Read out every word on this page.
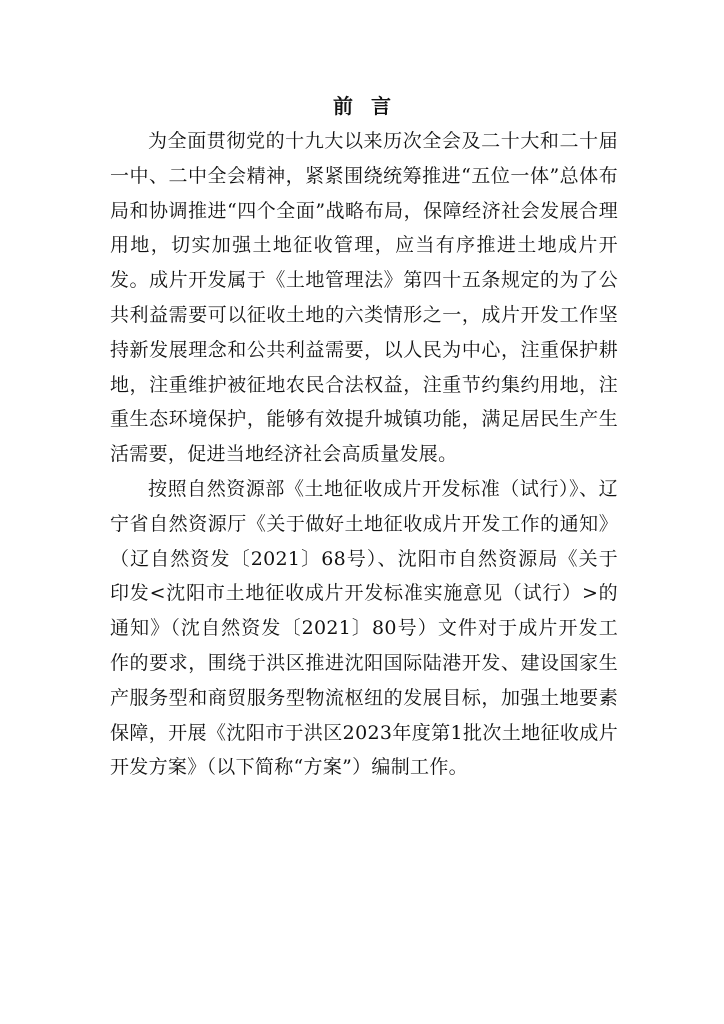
前言

为全面贯彻党的十九大以来历次全会及二十大和二十届一中、二中全会精神，紧紧围绕统筹推进“五位一体”总体布局和协调推进“四个全面”战略布局，保障经济社会发展合理用地，切实加强土地征收管理，应当有序推进土地成片开发。成片开发属于《土地管理法》第四十五条规定的为了公共利益需要可以征收土地的六类情形之一，成片开发工作坚持新发展理念和公共利益需要，以人民为中心，注重保护耕地，注重维护被征地农民合法权益，注重节约集约用地，注重生态环境保护，能够有效提升城镇功能，满足居民生产生活需要，促进当地经济社会高质量发展。

按照自然资源部《土地征收成片开发标准（试行）》、辽宁省自然资源厅《关于做好土地征收成片开发工作的通知》（辽自然资发〔2021〕68号）、沈阳市自然资源局《关于印发<沈阳市土地征收成片开发标准实施意见（试行）>的通知》（沈自然资发〔2021〕80号）文件对于成片开发工作的要求，围绕于洪区推进沈阳国际陆港开发、建设国家生产服务型和商贸服务型物流枢纽的发展目标，加强土地要素保障，开展《沈阳市于洪区2023年度第1批次土地征收成片开发方案》（以下简称“方案”）编制工作。
